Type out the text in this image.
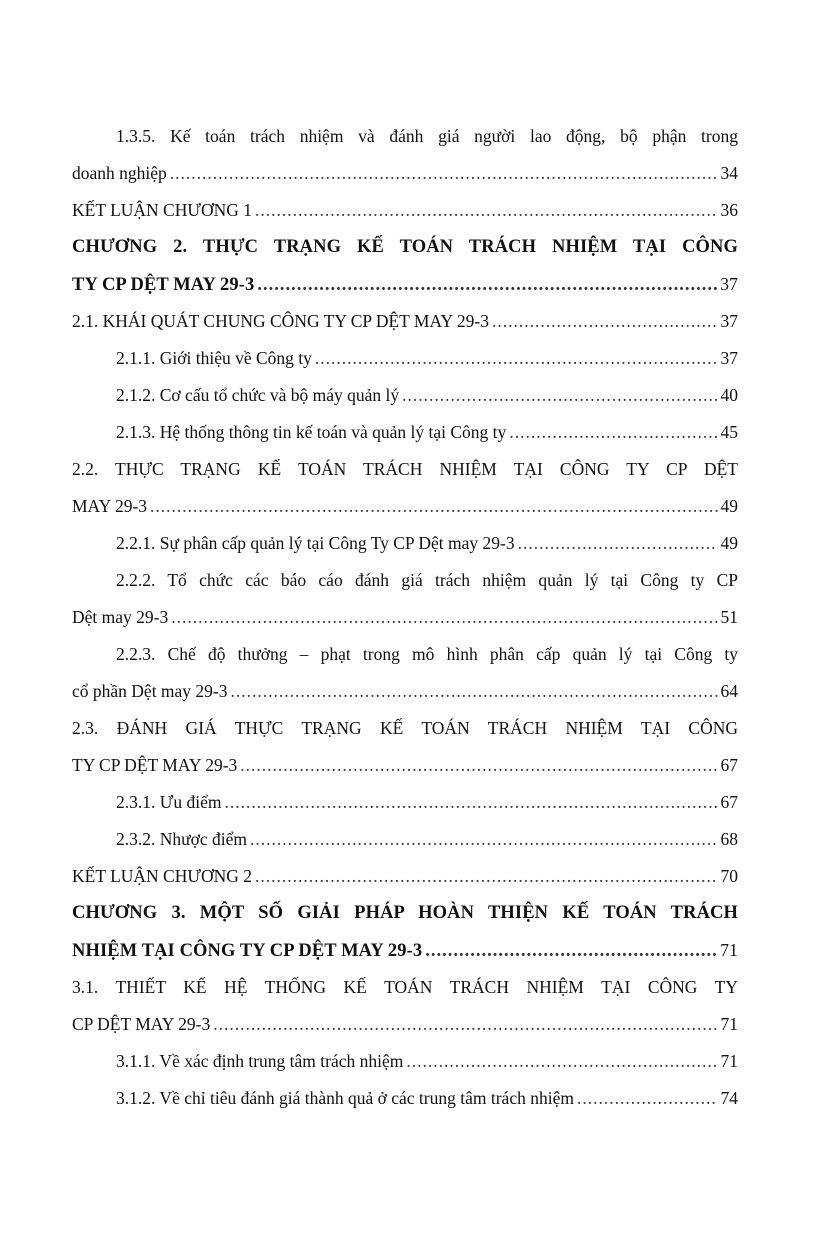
1.3.5. Kế toán trách nhiệm và đánh giá người lao động, bộ phận trong
doanh nghiệp .....	34
KẾT LUẬN CHƯƠNG 1 .....	36
CHƯƠNG 2. THỰC TRẠNG KẾ TOÁN TRÁCH NHIỆM TẠI CÔNG
TY CP DỆT MAY 29-3 .....	37
2.1. KHÁI QUÁT CHUNG CÔNG TY CP DỆT MAY 29-3 .....	37
2.1.1. Giới thiệu về Công ty .....	37
2.1.2. Cơ cấu tổ chức và bộ máy quản lý .....	40
2.1.3. Hệ thống thông tin kế toán và quản lý tại Công ty .....	45
2.2. THỰC TRẠNG KẾ TOÁN TRÁCH NHIỆM TẠI CÔNG TY CP DỆT
MAY 29-3 .....	49
2.2.1. Sự phân cấp quản lý tại Công Ty CP Dệt may 29-3 .....	49
2.2.2. Tổ chức các báo cáo đánh giá trách nhiệm quản lý tại Công ty CP
Dệt may 29-3 .....	51
2.2.3. Chế độ thưởng – phạt trong mô hình phân cấp quản lý tại Công ty
cổ phần Dệt may 29-3 .....	64
2.3. ĐÁNH GIÁ THỰC TRẠNG KẾ TOÁN TRÁCH NHIỆM TẠI CÔNG
TY CP DỆT MAY 29-3 .....	67
2.3.1. Ưu điểm .....	67
2.3.2. Nhược điểm .....	68
KẾT LUẬN CHƯƠNG 2 .....	70
CHƯƠNG 3. MỘT SỐ GIẢI PHÁP HOÀN THIỆN KẾ TOÁN TRÁCH
NHIỆM TẠI CÔNG TY CP DỆT MAY 29-3 .....	71
3.1. THIẾT KẾ HỆ THỐNG KẾ TOÁN TRÁCH NHIỆM TẠI CÔNG TY
CP DỆT MAY 29-3 .....	71
3.1.1. Về xác định trung tâm trách nhiệm .....	71
3.1.2. Về chỉ tiêu đánh giá thành quả ở các trung tâm trách nhiệm .....	74
